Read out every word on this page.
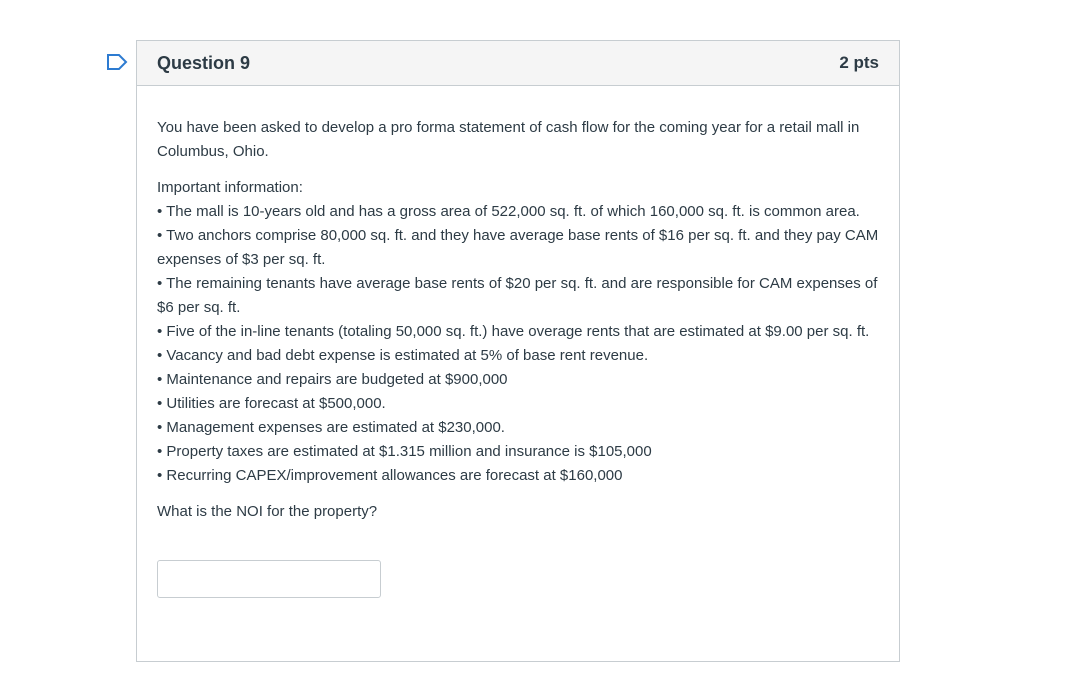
Question 9	2 pts

You have been asked to develop a pro forma statement of cash flow for the coming year for a retail mall in Columbus, Ohio.

Important information:
• The mall is 10-years old and has a gross area of 522,000 sq. ft. of which 160,000 sq. ft. is common area.
• Two anchors comprise 80,000 sq. ft. and they have average base rents of $16 per sq. ft. and they pay CAM expenses of $3 per sq. ft.
• The remaining tenants have average base rents of $20 per sq. ft. and are responsible for CAM expenses of $6 per sq. ft.
• Five of the in-line tenants (totaling 50,000 sq. ft.) have overage rents that are estimated at $9.00 per sq. ft.
• Vacancy and bad debt expense is estimated at 5% of base rent revenue.
• Maintenance and repairs are budgeted at $900,000
• Utilities are forecast at $500,000.
• Management expenses are estimated at $230,000.
• Property taxes are estimated at $1.315 million and insurance is $105,000
• Recurring CAPEX/improvement allowances are forecast at $160,000

What is the NOI for the property?
